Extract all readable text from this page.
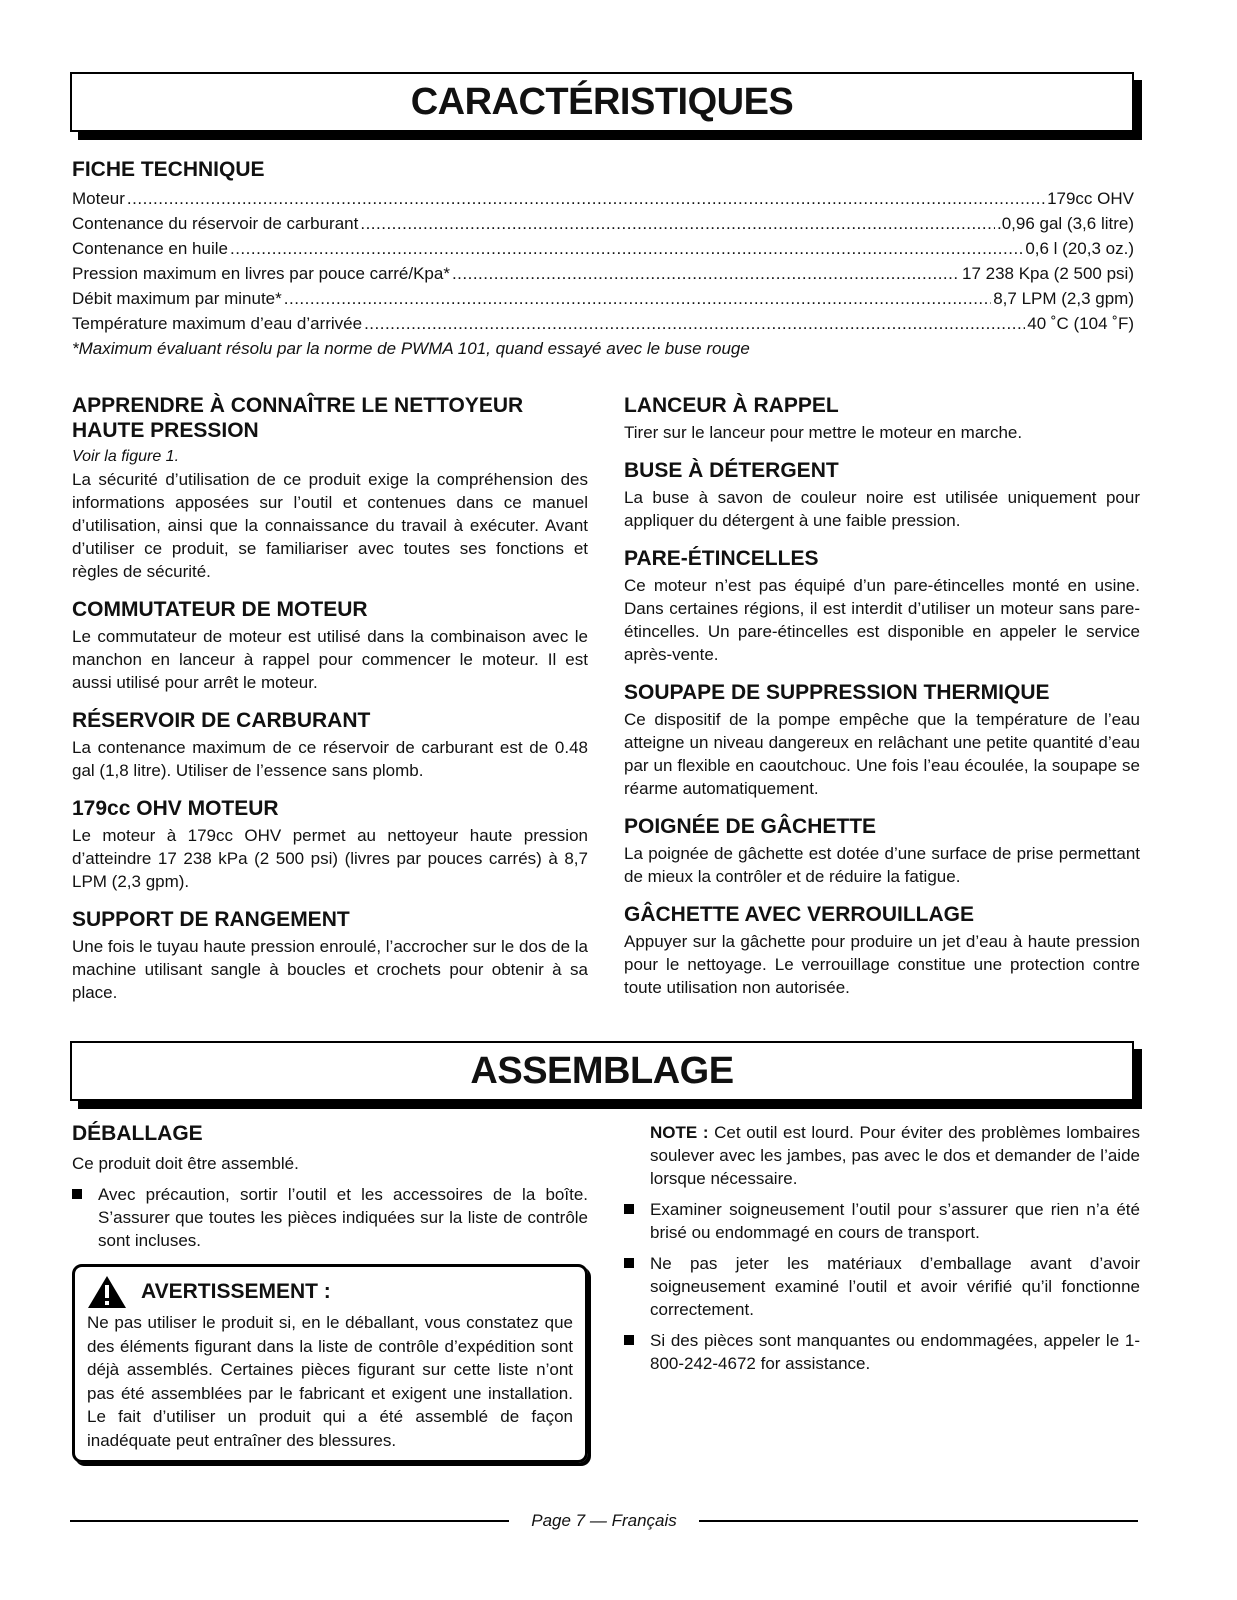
CARACTÉRISTIQUES
FICHE TECHNIQUE
Moteur .....	179cc OHV
Contenance du réservoir de carburant .....	.0,96 gal (3,6 litre)
Contenance en huile .....	0,6 l (20,3 oz.)
Pression maximum en livres par pouce carré/Kpa* .....	17 238 Kpa (2 500 psi)
Débit maximum par minute* .....	8,7 LPM (2,3 gpm)
Température maximum d’eau d’arrivée .....	40 ˚C (104 ˚F)
*Maximum évaluant résolu par la norme de PWMA 101, quand essayé avec le buse rouge
APPRENDRE À CONNAÎTRE LE NETTOYEUR HAUTE PRESSION
Voir la figure 1.

La sécurité d’utilisation de ce produit exige la compréhension des informations apposées sur l’outil et contenues dans ce manuel d’utilisation, ainsi que la connaissance du travail à exécuter. Avant d’utiliser ce produit, se familiariser avec toutes ses fonctions et règles de sécurité.

COMMUTATEUR DE MOTEUR

Le commutateur de moteur est utilisé dans la combinaison avec le manchon en lanceur à rappel pour commencer le moteur. Il est aussi utilisé pour arrêt le moteur.

RÉSERVOIR DE CARBURANT

La contenance maximum de ce réservoir de carburant est de 0.48 gal (1,8 litre). Utiliser de l’essence sans plomb.

179cc OHV MOTEUR

Le moteur à 179cc OHV permet au nettoyeur haute pression d’atteindre 17 238 kPa (2 500 psi) (livres par pouces carrés) à 8,7 LPM (2,3 gpm).

SUPPORT DE RANGEMENT

Une fois le tuyau haute pression enroulé, l’accrocher sur le dos de la machine utilisant sangle à boucles et crochets pour obtenir à sa place.

LANCEUR À RAPPEL

Tirer sur le lanceur pour mettre le moteur en marche.

BUSE À DÉTERGENT

La buse à savon de couleur noire est utilisée uniquement pour appliquer du détergent à une faible pression.

PARE-ÉTINCELLES

Ce moteur n’est pas équipé d’un pare-étincelles monté en usine. Dans certaines régions, il est interdit d’utiliser un moteur sans pare-étincelles. Un pare-étincelles est disponible en appeler le service après-vente.

SOUPAPE DE SUPPRESSION THERMIQUE

Ce dispositif de la pompe empêche que la température de l’eau atteigne un niveau dangereux en relâchant une petite quantité d’eau par un flexible en caoutchouc. Une fois l’eau écoulée, la soupape se réarme automatiquement.

POIGNÉE DE GÂCHETTE

La poignée de gâchette est dotée d’une surface de prise permettant de mieux la contrôler et de réduire la fatigue.

GÂCHETTE AVEC VERROUILLAGE

Appuyer sur la gâchette pour produire un jet d’eau à haute pression pour le nettoyage. Le verrouillage constitue une protection contre toute utilisation non autorisée.

ASSEMBLAGE
DÉBALLAGE

Ce produit doit être assemblé.

Avec précaution, sortir l’outil et les accessoires de la boîte. S’assurer que toutes les pièces indiquées sur la liste de contrôle sont incluses.
AVERTISSEMENT :

Ne pas utiliser le produit si, en le déballant, vous constatez que des éléments figurant dans la liste de contrôle d’expédition sont déjà assemblés. Certaines pièces figurant sur cette liste n’ont pas été assemblées par le fabricant et exigent une installation. Le fait d’utiliser un produit qui a été assemblé de façon inadéquate peut entraîner des blessures.

NOTE : Cet outil est lourd. Pour éviter des problèmes lombaires soulever avec les jambes, pas avec le dos et demander de l’aide lorsque nécessaire.

Examiner soigneusement l’outil pour s’assurer que rien n’a été brisé ou endommagé en cours de transport.
Ne pas jeter les matériaux d’emballage avant d’avoir soigneusement examiné l’outil et avoir vérifié qu’il fonctionne correctement.
Si des pièces sont manquantes ou endommagées, appeler le 1-800-242-4672 for assistance.
Page 7 — Français
